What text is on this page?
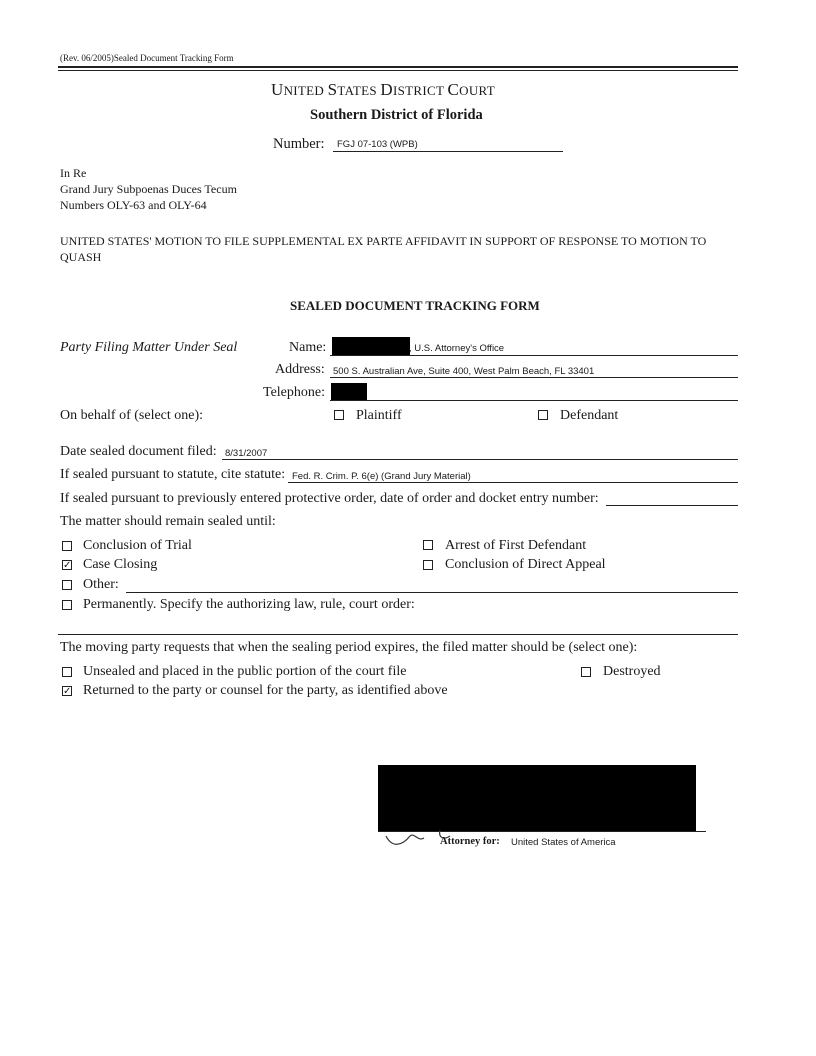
(Rev. 06/2005)Sealed Document Tracking Form
UNITED STATES DISTRICT COURT
Southern District of Florida
Number: FGJ 07-103 (WPB)
In Re
Grand Jury Subpoenas Duces Tecum
Numbers OLY-63 and OLY-64
UNITED STATES' MOTION TO FILE SUPPLEMENTAL EX PARTE AFFIDAVIT IN SUPPORT OF RESPONSE TO MOTION TO QUASH
SEALED DOCUMENT TRACKING FORM
Party Filing Matter Under Seal	Name:	, U.S. Attorney's Office
Address: 500 S. Australian Ave, Suite 400, West Palm Beach, FL 33401
Telephone:
On behalf of (select one):	Plaintiff	Defendant
Date sealed document filed: 8/31/2007
If sealed pursuant to statute, cite statute: Fed. R. Crim. P. 6(e) (Grand Jury Material)
If sealed pursuant to previously entered protective order, date of order and docket entry number:
The matter should remain sealed until:
Conclusion of Trial	Arrest of First Defendant
✓ Case Closing	Conclusion of Direct Appeal
Other:
Permanently. Specify the authorizing law, rule, court order:
The moving party requests that when the sealing period expires, the filed matter should be (select one):
Unsealed and placed in the public portion of the court file	Destroyed
✓ Returned to the party or counsel for the party, as identified above
Attorney for: United States of America
